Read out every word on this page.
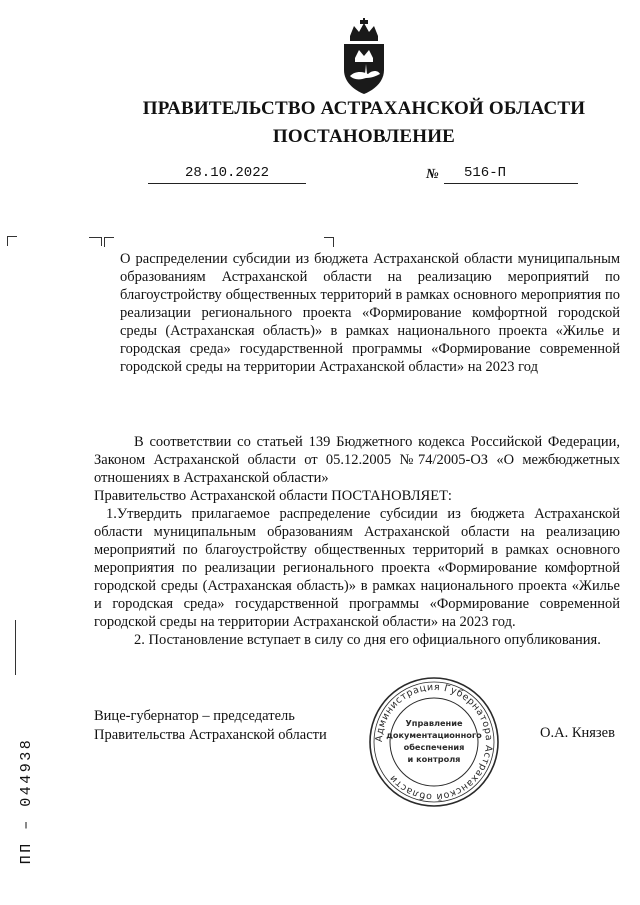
ПРАВИТЕЛЬСТВО АСТРАХАНСКОЙ ОБЛАСТИ
ПОСТАНОВЛЕНИЕ
28.10.2022	№	516-П
О распределении субсидии из бюджета Астраханской области муниципальным образованиям Астраханской области на реализацию мероприятий по благоустройству общественных территорий в рамках основного мероприятия по реализации регионального проекта «Формирование комфортной городской среды (Астраханская область)» в рамках национального проекта «Жилье и городская среда» государственной программы «Формирование современной городской среды на территории Астраханской области» на 2023 год

В соответствии со статьей 139 Бюджетного кодекса Российской Федерации, Законом Астраханской области от 05.12.2005 №74/2005-ОЗ «О межбюджетных отношениях в Астраханской области»

Правительство Астраханской области ПОСТАНОВЛЯЕТ:

1.Утвердить прилагаемое распределение субсидии из бюджета Астраханской области муниципальным образованиям Астраханской области на реализацию мероприятий по благоустройству общественных территорий в рамках основного мероприятия по реализации регионального проекта «Формирование комфортной городской среды (Астраханская область)» в рамках национального проекта «Жилье и городская среда» государственной программы «Формирование современной городской среды на территории Астраханской области» на 2023 год.

2. Постановление вступает в силу со дня его официального опубликования.

Вице-губернатор – председатель
Правительства Астраханской области	О.А. Князев
Администрация Губернатора Астраханской области
Управление
документационного
обеспечения
и контроля
ПП – 044938
